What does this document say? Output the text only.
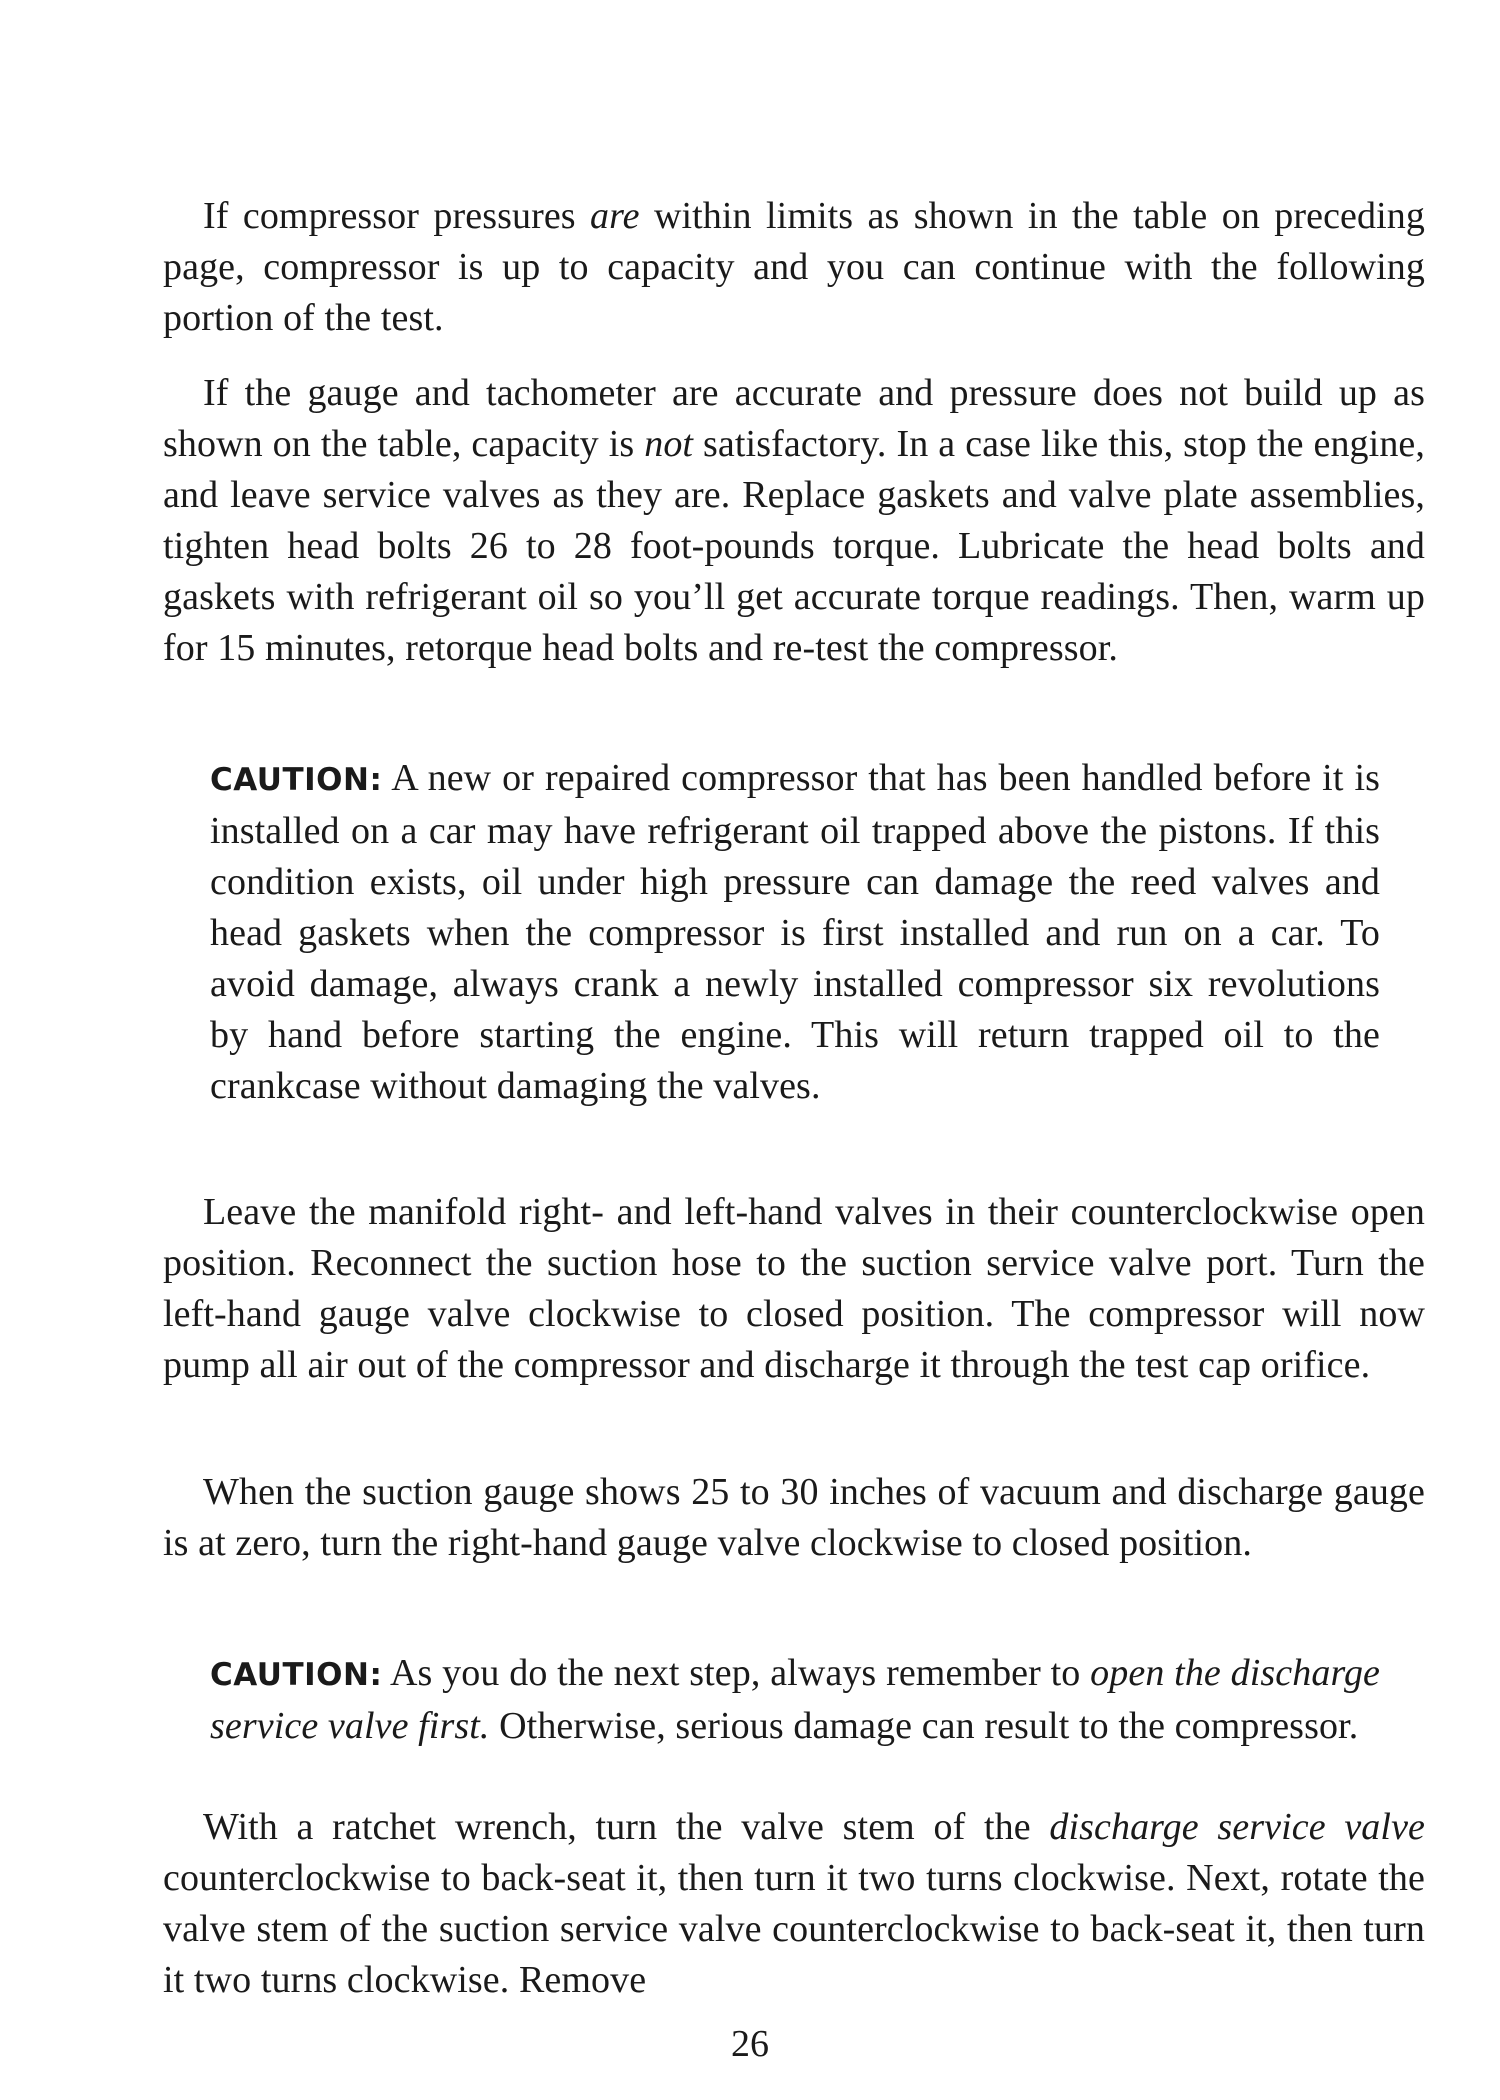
If compressor pressures are within limits as shown in the table on preceding page, compressor is up to capacity and you can continue with the following portion of the test.

If the gauge and tachometer are accurate and pressure does not build up as shown on the table, capacity is not satisfactory. In a case like this, stop the engine, and leave service valves as they are. Replace gaskets and valve plate assemblies, tighten head bolts 26 to 28 foot-pounds torque. Lubricate the head bolts and gaskets with refrigerant oil so you’ll get accurate torque readings. Then, warm up for 15 minutes, retorque head bolts and re-test the compressor.

CAUTION: A new or repaired compressor that has been handled before it is installed on a car may have refrigerant oil trapped above the pistons. If this condition exists, oil under high pressure can damage the reed valves and head gaskets when the compressor is first installed and run on a car. To avoid damage, always crank a newly installed compressor six revolutions by hand before starting the engine. This will return trapped oil to the crankcase without damaging the valves.

Leave the manifold right- and left-hand valves in their counterclockwise open position. Reconnect the suction hose to the suction service valve port. Turn the left-hand gauge valve clockwise to closed position. The compressor will now pump all air out of the compressor and discharge it through the test cap orifice.

When the suction gauge shows 25 to 30 inches of vacuum and discharge gauge is at zero, turn the right-hand gauge valve clockwise to closed position.

CAUTION: As you do the next step, always remember to open the discharge service valve first. Otherwise, serious damage can result to the compressor.

With a ratchet wrench, turn the valve stem of the discharge service valve counterclockwise to back-seat it, then turn it two turns clockwise. Next, rotate the valve stem of the suction service valve counterclockwise to back-seat it, then turn it two turns clockwise. Remove

26
